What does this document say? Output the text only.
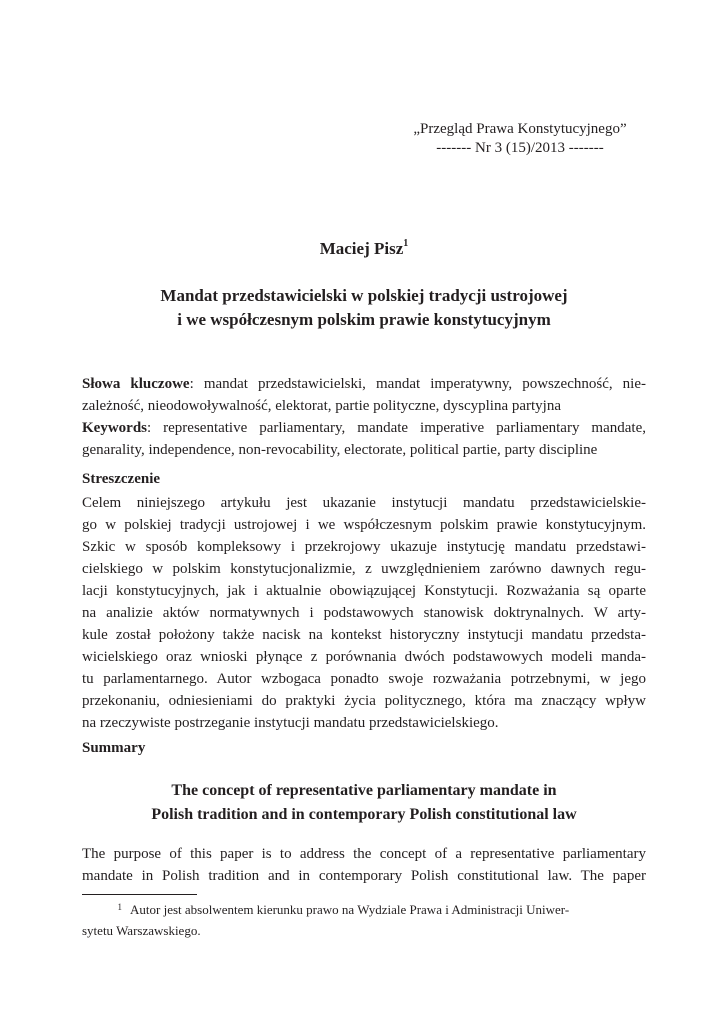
„Przegląd Prawa Konstytucyjnego”
------- Nr 3 (15)/2013 -------
Maciej Pisz$^1$
Mandat przedstawicielski w polskiej tradycji ustrojowej
i we współczesnym polskim prawie konstytucyjnym
Słowa kluczowe: mandat przedstawicielski, mandat imperatywny, powszechność, nie-
zależność, nieodowoływalność, elektorat, partie polityczne, dyscyplina partyjna
Keywords: representative parliamentary, mandate imperative parliamentary mandate,
genarality, independence, non-revocability, electorate, political partie, party discipline
Streszczenie
Celem niniejszego artykułu jest ukazanie instytucji mandatu przedstawicielskie-
go w polskiej tradycji ustrojowej i we współczesnym polskim prawie konstytucyjnym.
Szkic w sposób kompleksowy i przekrojowy ukazuje instytucję mandatu przedstawi-
cielskiego w polskim konstytucjonalizmie, z uwzględnieniem zarówno dawnych regu-
lacji konstytucyjnych, jak i aktualnie obowiązującej Konstytucji. Rozważania są oparte
na analizie aktów normatywnych i podstawowych stanowisk doktrynalnych. W arty-
kule został położony także nacisk na kontekst historyczny instytucji mandatu przedsta-
wicielskiego oraz wnioski płynące z porównania dwóch podstawowych modeli manda-
tu parlamentarnego. Autor wzbogaca ponadto swoje rozważania potrzebnymi, w jego
przekonaniu, odniesieniami do praktyki życia politycznego, która ma znaczący wpływ
na rzeczywiste postrzeganie instytucji mandatu przedstawicielskiego.
Summary
The concept of representative parliamentary mandate in
Polish tradition and in contemporary Polish constitutional law
The purpose of this paper is to address the concept of a representative parliamentary
mandate in Polish tradition and in contemporary Polish constitutional law. The paper
1 Autor jest absolwentem kierunku prawo na Wydziale Prawa i Administracji Uniwer-
sytetu Warszawskiego.
